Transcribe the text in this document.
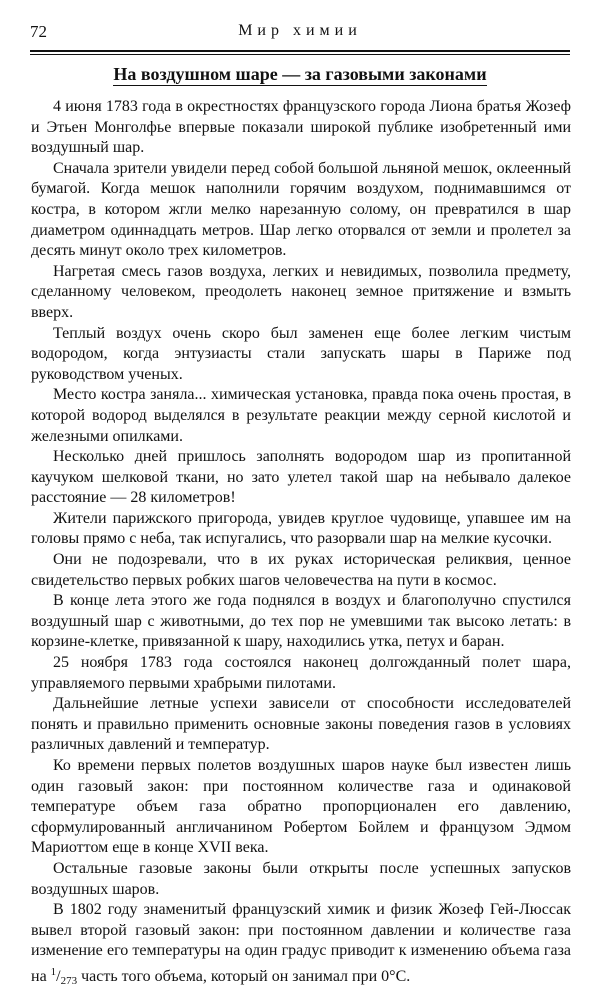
72	Мир химии
На воздушном шаре — за газовыми законами

4 июня 1783 года в окрестностях французского города Лиона братья Жозеф и Этьен Монголфье впервые показали широкой публике изобретенный ими воздушный шар.

Сначала зрители увидели перед собой большой льняной мешок, оклеенный бумагой. Когда мешок наполнили горячим воздухом, поднимавшимся от костра, в котором жгли мелко нарезанную солому, он превратился в шар диаметром одиннадцать метров. Шар легко оторвался от земли и пролетел за десять минут около трех километров.

Нагретая смесь газов воздуха, легких и невидимых, позволила предмету, сделанному человеком, преодолеть наконец земное притяжение и взмыть вверх.

Теплый воздух очень скоро был заменен еще более легким чистым водородом, когда энтузиасты стали запускать шары в Париже под руководством ученых.

Место костра заняла... химическая установка, правда пока очень простая, в которой водород выделялся в результате реакции между серной кислотой и железными опилками.

Несколько дней пришлось заполнять водородом шар из пропитанной каучуком шелковой ткани, но зато улетел такой шар на небывало далекое расстояние — 28 километров!

Жители парижского пригорода, увидев круглое чудовище, упавшее им на головы прямо с неба, так испугались, что разорвали шар на мелкие кусочки.

Они не подозревали, что в их руках историческая реликвия, ценное свидетельство первых робких шагов человечества на пути в космос.

В конце лета этого же года поднялся в воздух и благополучно спустился воздушный шар с животными, до тех пор не умевшими так высоко летать: в корзине-клетке, привязанной к шару, находились утка, петух и баран.

25 ноября 1783 года состоялся наконец долгожданный полет шара, управляемого первыми храбрыми пилотами.

Дальнейшие летные успехи зависели от способности исследователей понять и правильно применить основные законы поведения газов в условиях различных давлений и температур.

Ко времени первых полетов воздушных шаров науке был известен лишь один газовый закон: при постоянном количестве газа и одинаковой температуре объем газа обратно пропорционален его давлению, сформулированный англичанином Робертом Бойлем и французом Эдмом Мариоттом еще в конце XVII века.

Остальные газовые законы были открыты после успешных запусков воздушных шаров.

В 1802 году знаменитый французский химик и физик Жозеф Гей-Люссак вывел второй газовый закон: при постоянном давлении и количестве газа изменение его температуры на один градус приводит к изменению объема газа на $^1$/273 часть того объема, который он занимал при 0°С.
